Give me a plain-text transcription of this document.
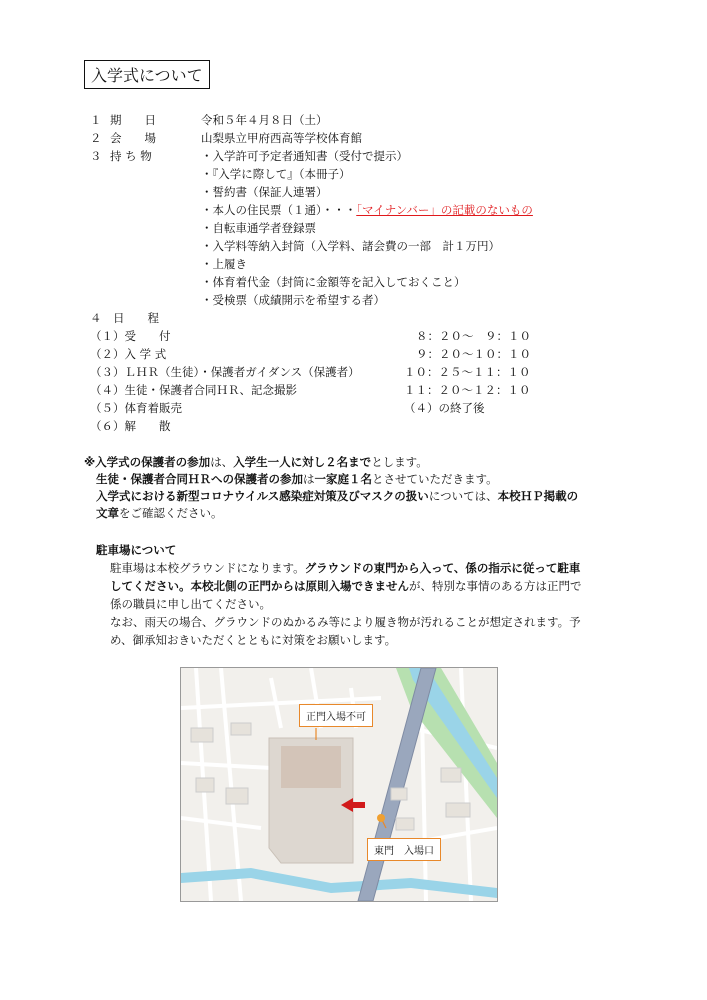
入学式について
１ 期　　日	令和５年４月８日（土）
２ 会　　場	山梨県立甲府西高等学校体育館
３ 持 ち 物	・入学許可予定者通知書（受付で提示）
・『入学に際して』（本冊子）
・誓約書（保証人連署）
・本人の住民票（１通）・・・「マイナンバー」の記載のないもの
・自転車通学者登録票
・入学料等納入封筒（入学料、諸会費の一部　計１万円）
・上履き
・体育着代金（封筒に金額等を記入しておくこと）
・受検票（成績開示を希望する者）
４　日　　程
（１）受　　付	８：２０～　９：１０
（２）入 学 式	９：２０～１０：１０
（３）ＬＨＲ（生徒）・保護者ガイダンス（保護者）	１０：２５～１１：１０
（４）生徒・保護者合同ＨＲ、記念撮影	１１：２０～１２：１０
（５）体育着販売	（４）の終了後
（６）解　　散
※入学式の保護者の参加は、入学生一人に対し２名までとします。
生徒・保護者合同ＨＲへの保護者の参加は一家庭１名とさせていただきます。
入学式における新型コロナウイルス感染症対策及びマスクの扱いについては、本校ＨＰ掲載の
文章をご確認ください。
駐車場について
駐車場は本校グラウンドになります。グラウンドの東門から入って、係の指示に従って駐車
してください。本校北側の正門からは原則入場できませんが、特別な事情のある方は正門で
係の職員に申し出てください。
なお、雨天の場合、グラウンドのぬかるみ等により履き物が汚れることが想定されます。予
め、御承知おきいただくとともに対策をお願いします。
正門入場不可
東門　入場口
